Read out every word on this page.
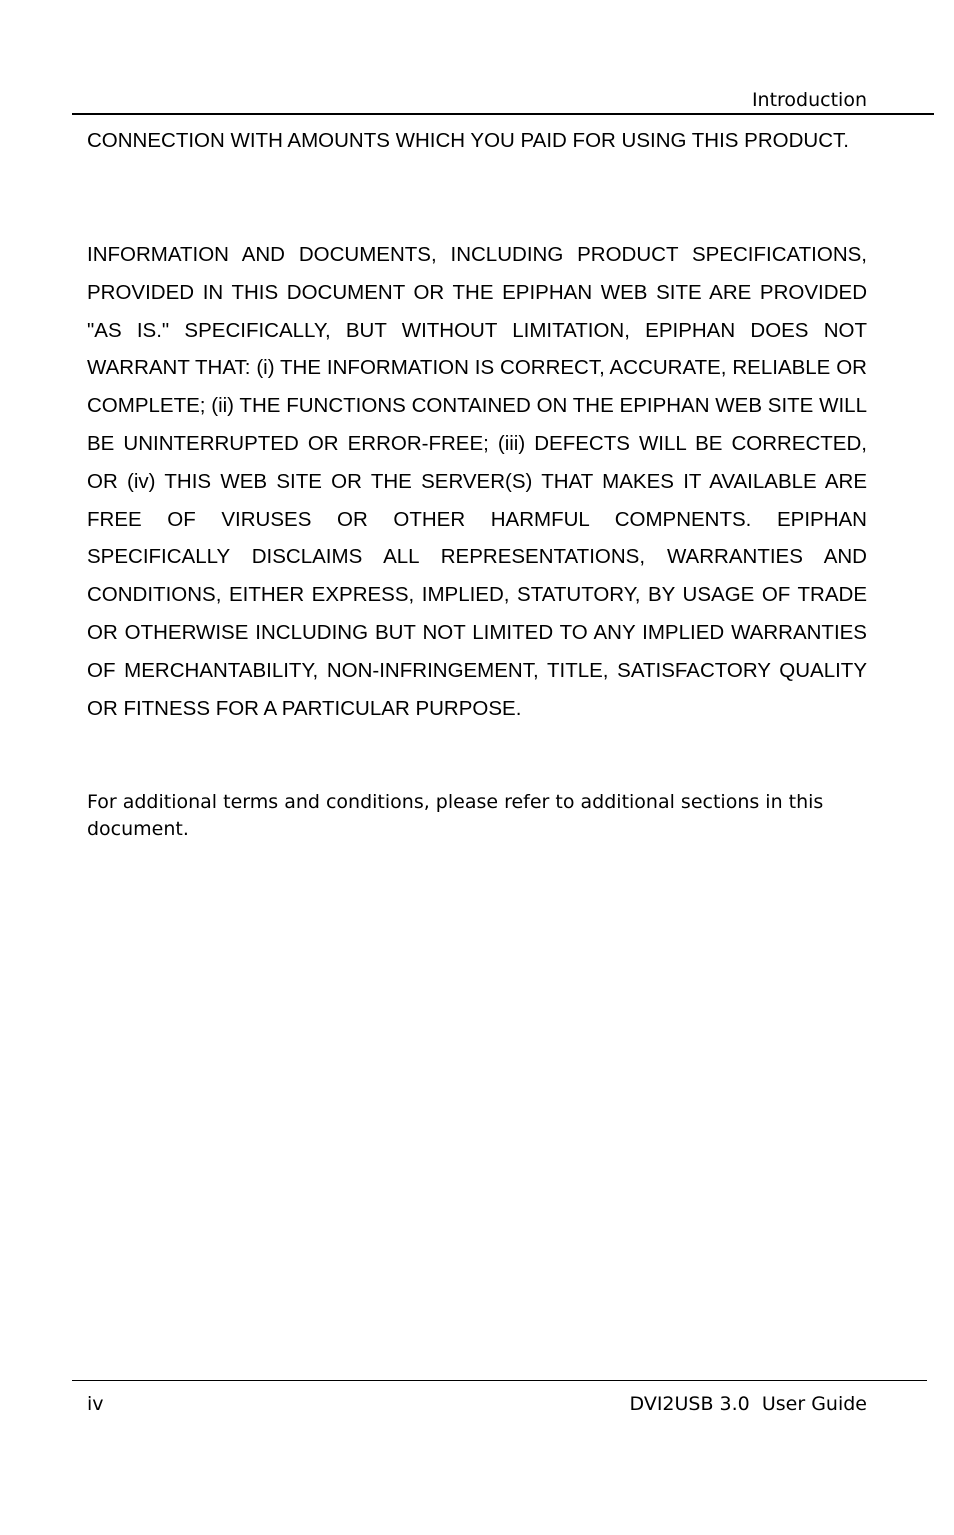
Introduction

CONNECTION WITH AMOUNTS WHICH YOU PAID FOR USING THIS PRODUCT.

INFORMATION AND DOCUMENTS, INCLUDING PRODUCT SPECIFICATIONS, PROVIDED IN THIS DOCUMENT OR THE EPIPHAN WEB SITE ARE PROVIDED "AS IS." SPECIFICALLY, BUT WITHOUT LIMITATION, EPIPHAN DOES NOT WARRANT THAT: (i) THE INFORMATION IS CORRECT, ACCURATE, RELIABLE OR COMPLETE; (ii) THE FUNCTIONS CONTAINED ON THE EPIPHAN WEB SITE WILL BE UNINTERRUPTED OR ERROR-FREE; (iii) DEFECTS WILL BE CORRECTED, OR (iv) THIS WEB SITE OR THE SERVER(S) THAT MAKES IT AVAILABLE ARE FREE OF VIRUSES OR OTHER HARMFUL COMPNENTS. EPIPHAN SPECIFICALLY DISCLAIMS ALL REPRESENTATIONS, WARRANTIES AND CONDITIONS, EITHER EXPRESS, IMPLIED, STATUTORY, BY USAGE OF TRADE OR OTHERWISE INCLUDING BUT NOT LIMITED TO ANY IMPLIED WARRANTIES OF MERCHANTABILITY, NON-INFRINGEMENT, TITLE, SATISFACTORY QUALITY OR FITNESS FOR A PARTICULAR PURPOSE.

For additional terms and conditions, please refer to additional sections in this document.

iv	DVI2USB 3.0  User Guide
